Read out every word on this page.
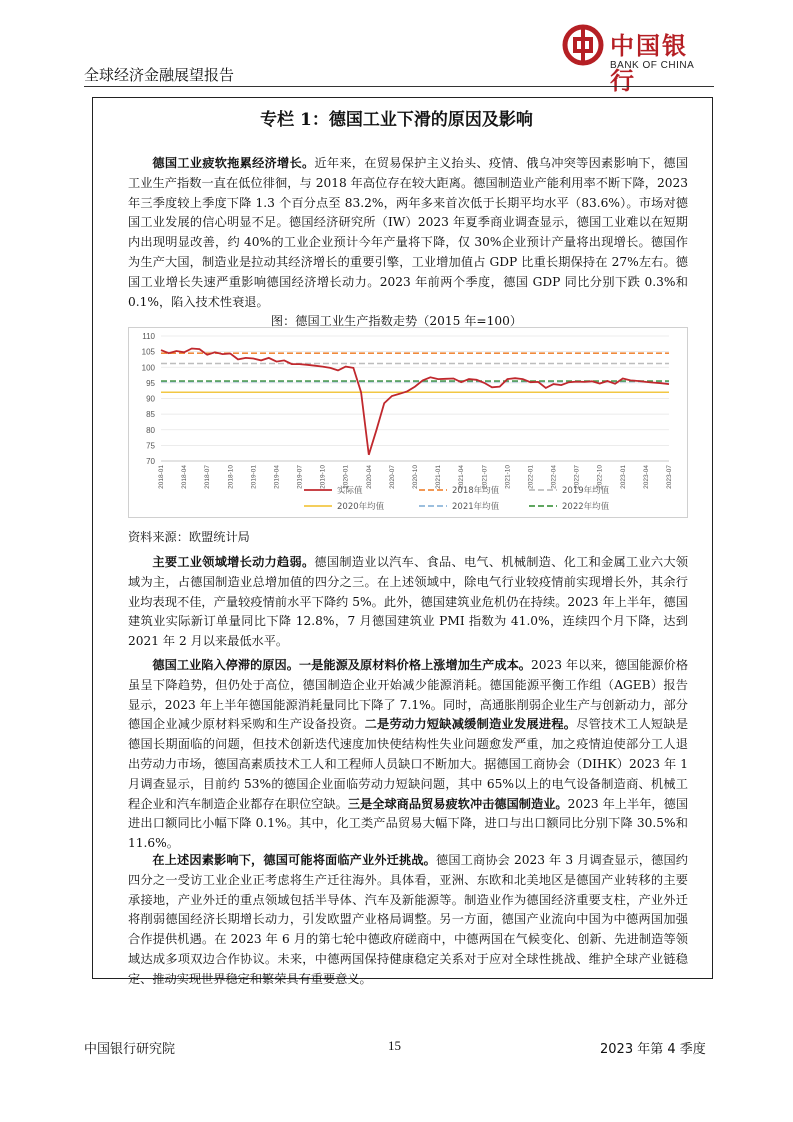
全球经济金融展望报告
中国银行
BANK OF CHINA
专栏 1：德国工业下滑的原因及影响

德国工业疲软拖累经济增长。近年来，在贸易保护主义抬头、疫情、俄乌冲突等因素影响下，德国工业生产指数一直在低位徘徊，与 2018 年高位存在较大距离。德国制造业产能利用率不断下降，2023 年三季度较上季度下降 1.3 个百分点至 83.2%，两年多来首次低于长期平均水平（83.6%）。市场对德国工业发展的信心明显不足。德国经济研究所（IW）2023 年夏季商业调查显示，德国工业难以在短期内出现明显改善，约 40%的工业企业预计今年产量将下降，仅 30%企业预计产量将出现增长。德国作为生产大国，制造业是拉动其经济增长的重要引擎，工业增加值占 GDP 比重长期保持在 27%左右。德国工业增长失速严重影响德国经济增长动力。2023 年前两个季度，德国 GDP 同比分别下跌 0.3%和 0.1%，陷入技术性衰退。

图：德国工业生产指数走势（2015 年=100）
70
75
80
85
90
95
100
105
110
2018-01 2018-04 2018-07 2018-10 2019-01 2019-04 2019-07 2019-10 2020-01 2020-04 2020-07 2020-10 2021-01 2021-04 2021-07 2021-10 2022-01 2022-04 2022-07 2022-10 2023-01 2023-04 2023-07
实际值	2018年均值	2019年均值
2020年均值	2021年均值	2022年均值
资料来源：欧盟统计局

主要工业领域增长动力趋弱。德国制造业以汽车、食品、电气、机械制造、化工和金属工业六大领域为主，占德国制造业总增加值的四分之三。在上述领域中，除电气行业较疫情前实现增长外，其余行业均表现不佳，产量较疫情前水平下降约 5%。此外，德国建筑业危机仍在持续。2023 年上半年，德国建筑业实际新订单量同比下降 12.8%，7 月德国建筑业 PMI 指数为 41.0%，连续四个月下降，达到 2021 年 2 月以来最低水平。

德国工业陷入停滞的原因。一是能源及原材料价格上涨增加生产成本。2023 年以来，德国能源价格虽呈下降趋势，但仍处于高位，德国制造企业开始减少能源消耗。德国能源平衡工作组（AGEB）报告显示，2023 年上半年德国能源消耗量同比下降了 7.1%。同时，高通胀削弱企业生产与创新动力，部分德国企业减少原材料采购和生产设备投资。二是劳动力短缺减缓制造业发展进程。尽管技术工人短缺是德国长期面临的问题，但技术创新迭代速度加快使结构性失业问题愈发严重，加之疫情迫使部分工人退出劳动力市场，德国高素质技术工人和工程师人员缺口不断加大。据德国工商协会（DIHK）2023 年 1 月调查显示，目前约 53%的德国企业面临劳动力短缺问题，其中 65%以上的电气设备制造商、机械工程企业和汽车制造企业都存在职位空缺。三是全球商品贸易疲软冲击德国制造业。2023 年上半年，德国进出口额同比小幅下降 0.1%。其中，化工类产品贸易大幅下降，进口与出口额同比分别下降 30.5%和 11.6%。

在上述因素影响下，德国可能将面临产业外迁挑战。德国工商协会 2023 年 3 月调查显示，德国约四分之一受访工业企业正考虑将生产迁往海外。具体看，亚洲、东欧和北美地区是德国产业转移的主要承接地，产业外迁的重点领域包括半导体、汽车及新能源等。制造业作为德国经济重要支柱，产业外迁将削弱德国经济长期增长动力，引发欧盟产业格局调整。另一方面，德国产业流向中国为中德两国加强合作提供机遇。在 2023 年 6 月的第七轮中德政府磋商中，中德两国在气候变化、创新、先进制造等领域达成多项双边合作协议。未来，中德两国保持健康稳定关系对于应对全球性挑战、维护全球产业链稳定、推动实现世界稳定和繁荣具有重要意义。

中国银行研究院	15	2023 年第 4 季度
